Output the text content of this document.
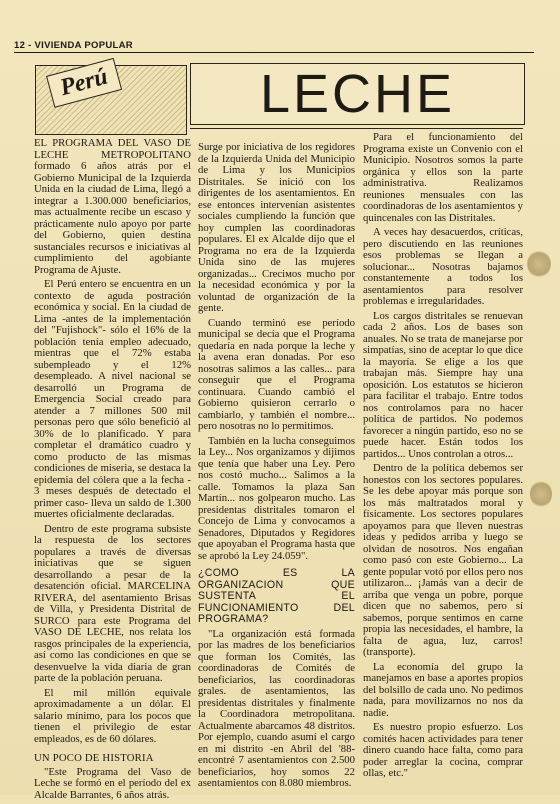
12 - VIVIENDA POPULAR
Perú	LECHE

EL PROGRAMA DEL VASO DE LECHE METROPOLITANO formado 6 años atrás por el Gobierno Municipal de la Izquierda Unida en la ciudad de Lima, llegó a integrar a 1.300.000 beneficiarios, mas actualmente recibe un escaso y prácticamente nulo apoyo por parte del Gobierno, quien destina sustanciales recursos e iniciativas al cumplimiento del agobiante Programa de Ajuste.

El Perú entero se encuentra en un contexto de aguda postración económica y social. En la ciudad de Lima -antes de la implementación del "Fujishock"- sólo el 16% de la población tenía empleo adecuado, mientras que el 72% estaba subempleado y el 12% desempleado. A nivel nacional se desarrolló un Programa de Emergencia Social creado para atender a 7 millones 500 mil personas pero que sólo benefició al 30% de lo planificado. Y para completar el dramático cuadro y como producto de las mismas condiciones de miseria, se destaca la epidemia del cólera que a la fecha - 3 meses después de detectado el primer caso- lleva un saldo de 1.300 muertes oficialmente declaradas.

Dentro de este programa subsiste la respuesta de los sectores populares a través de diversas iniciativas que se siguen desarrollando a pesar de la desatención oficial. MARCELINA RIVERA, del asentamiento Brisas de Villa, y Presidenta Distrital de SURCO para este Programa del VASO DE LECHE, nos relata los rasgos principales de la experiencia, así como las condiciones en que se desenvuelve la vida diaria de gran parte de la población peruana.

El mil millón equivale aproximadamente a un dólar. El salario mínimo, para los pocos que tienen el privilegio de estar empleados, es de 60 dólares.

UN POCO DE HISTORIA

"Este Programa del Vaso de Leche se formó en el período del ex Alcalde Barrantes, 6 años atrás.

Surge por iniciativa de los regidores de la Izquierda Unida del Municipio de Lima y los Municipios Distritales. Se inició con los dirigentes de los asentamientos. En ese entonces intervenían asistentes sociales cumpliendo la función que hoy cumplen las coordinadoras populares. El ex Alcalde dijo que el Programa no era de la Izquierda Unida sino de las mujeres organizadas... Creciмos mucho por la necesidad económica y por la voluntad de organización de la gente.

Cuando terminó ese período municipal se decía que el Programa quedaría en nada porque la leche y la avena eran donadas. Por eso nosotras salimos a las calles... para conseguir que el Programa continuara. Cuando cambió el Gobierno quisieron cerrarlo o cambiarlo, y también el nombre... pero nosotras no lo permitimos.

También en la lucha conseguimos la Ley... Nos organizamos y dijimos que tenía que haber una Ley. Pero nos costó mucho... Salimos a la calle. Tomamos la plaza San Martín... nos golpearon mucho. Las presidentas distritales tomaron el Concejo de Lima y convocamos a Senadores, Diputados y Regidores que apoyaban el Programa hasta que se aprobó la Ley 24.059".

¿COMO ES LA ORGANIZACION QUE SUSTENTA EL FUNCIONAMIENTO DEL PROGRAMA?

"La organización está formada por las madres de los beneficiarios que forman los Comités, las coordinadoras de Comités de beneficiarios, las coordinadoras grales. de asentamientos, las presidentas distritales y finalmente la Coordinadora metropolitana. Actualmente abarcamos 48 distritos. Por ejemplo, cuando asumí el cargo en mi distrito -en Abril del '88- encontré 7 asentamientos con 2.500 beneficiarios, hoy somos 22 asentamientos con 8.080 miembros.

Para el funcionamiento del Programa existe un Convenio con el Municipio. Nosotros somos la parte orgánica y ellos son la parte administrativa. Realizamos reuniones mensuales con las coordinadoras de los asentamientos y quincenales con las Distritales.

A veces hay desacuerdos, críticas, pero discutiendo en las reuniones esos problemas se llegan a solucionar... Nosotras bajamos constantemente a todos los asentamientos para resolver problemas e irregularidades.

Los cargos distritales se renuevan cada 2 años. Los de bases son anuales. No se trata de manejarse por simpatías, sino de aceptar lo que dice la mayoría. Se elige a los que trabajan más. Siempre hay una oposición. Los estatutos se hicieron para facilitar el trabajo. Entre todos nos controlamos para no hacer política de partidos. No podemos favorecer a ningún partido, eso no se puede hacer. Están todos los partidos... Unos controlan a otros...

Dentro de la política debemos ser honestos con los sectores populares. Se les debe apoyar más porque son los más maltratados moral y físicamente. Los sectores populares apoyamos para que lleven nuestras ideas y pedidos arriba y luego se olvidan de nosotros. Nos engañan como pasó con este Gobierno... La gente popular votó por ellos pero nos utilizaron... ¡Jamás van a decir de arriba que venga un pobre, porque dicen que no sabemos, pero sí sabemos, porque sentimos en carne propia las necesidades, el hambre, la falta de agua, luz, carros! (transporte).

La economía del grupo la manejamos en base a aportes propios del bolsillo de cada uno. No pedimos nada, para movilizarnos no nos da nadie.

Es nuestro propio esfuerzo. Los comités hacen actividades para tener dinero cuando hace falta, como para poder arreglar la cocina, comprar ollas, etc."
